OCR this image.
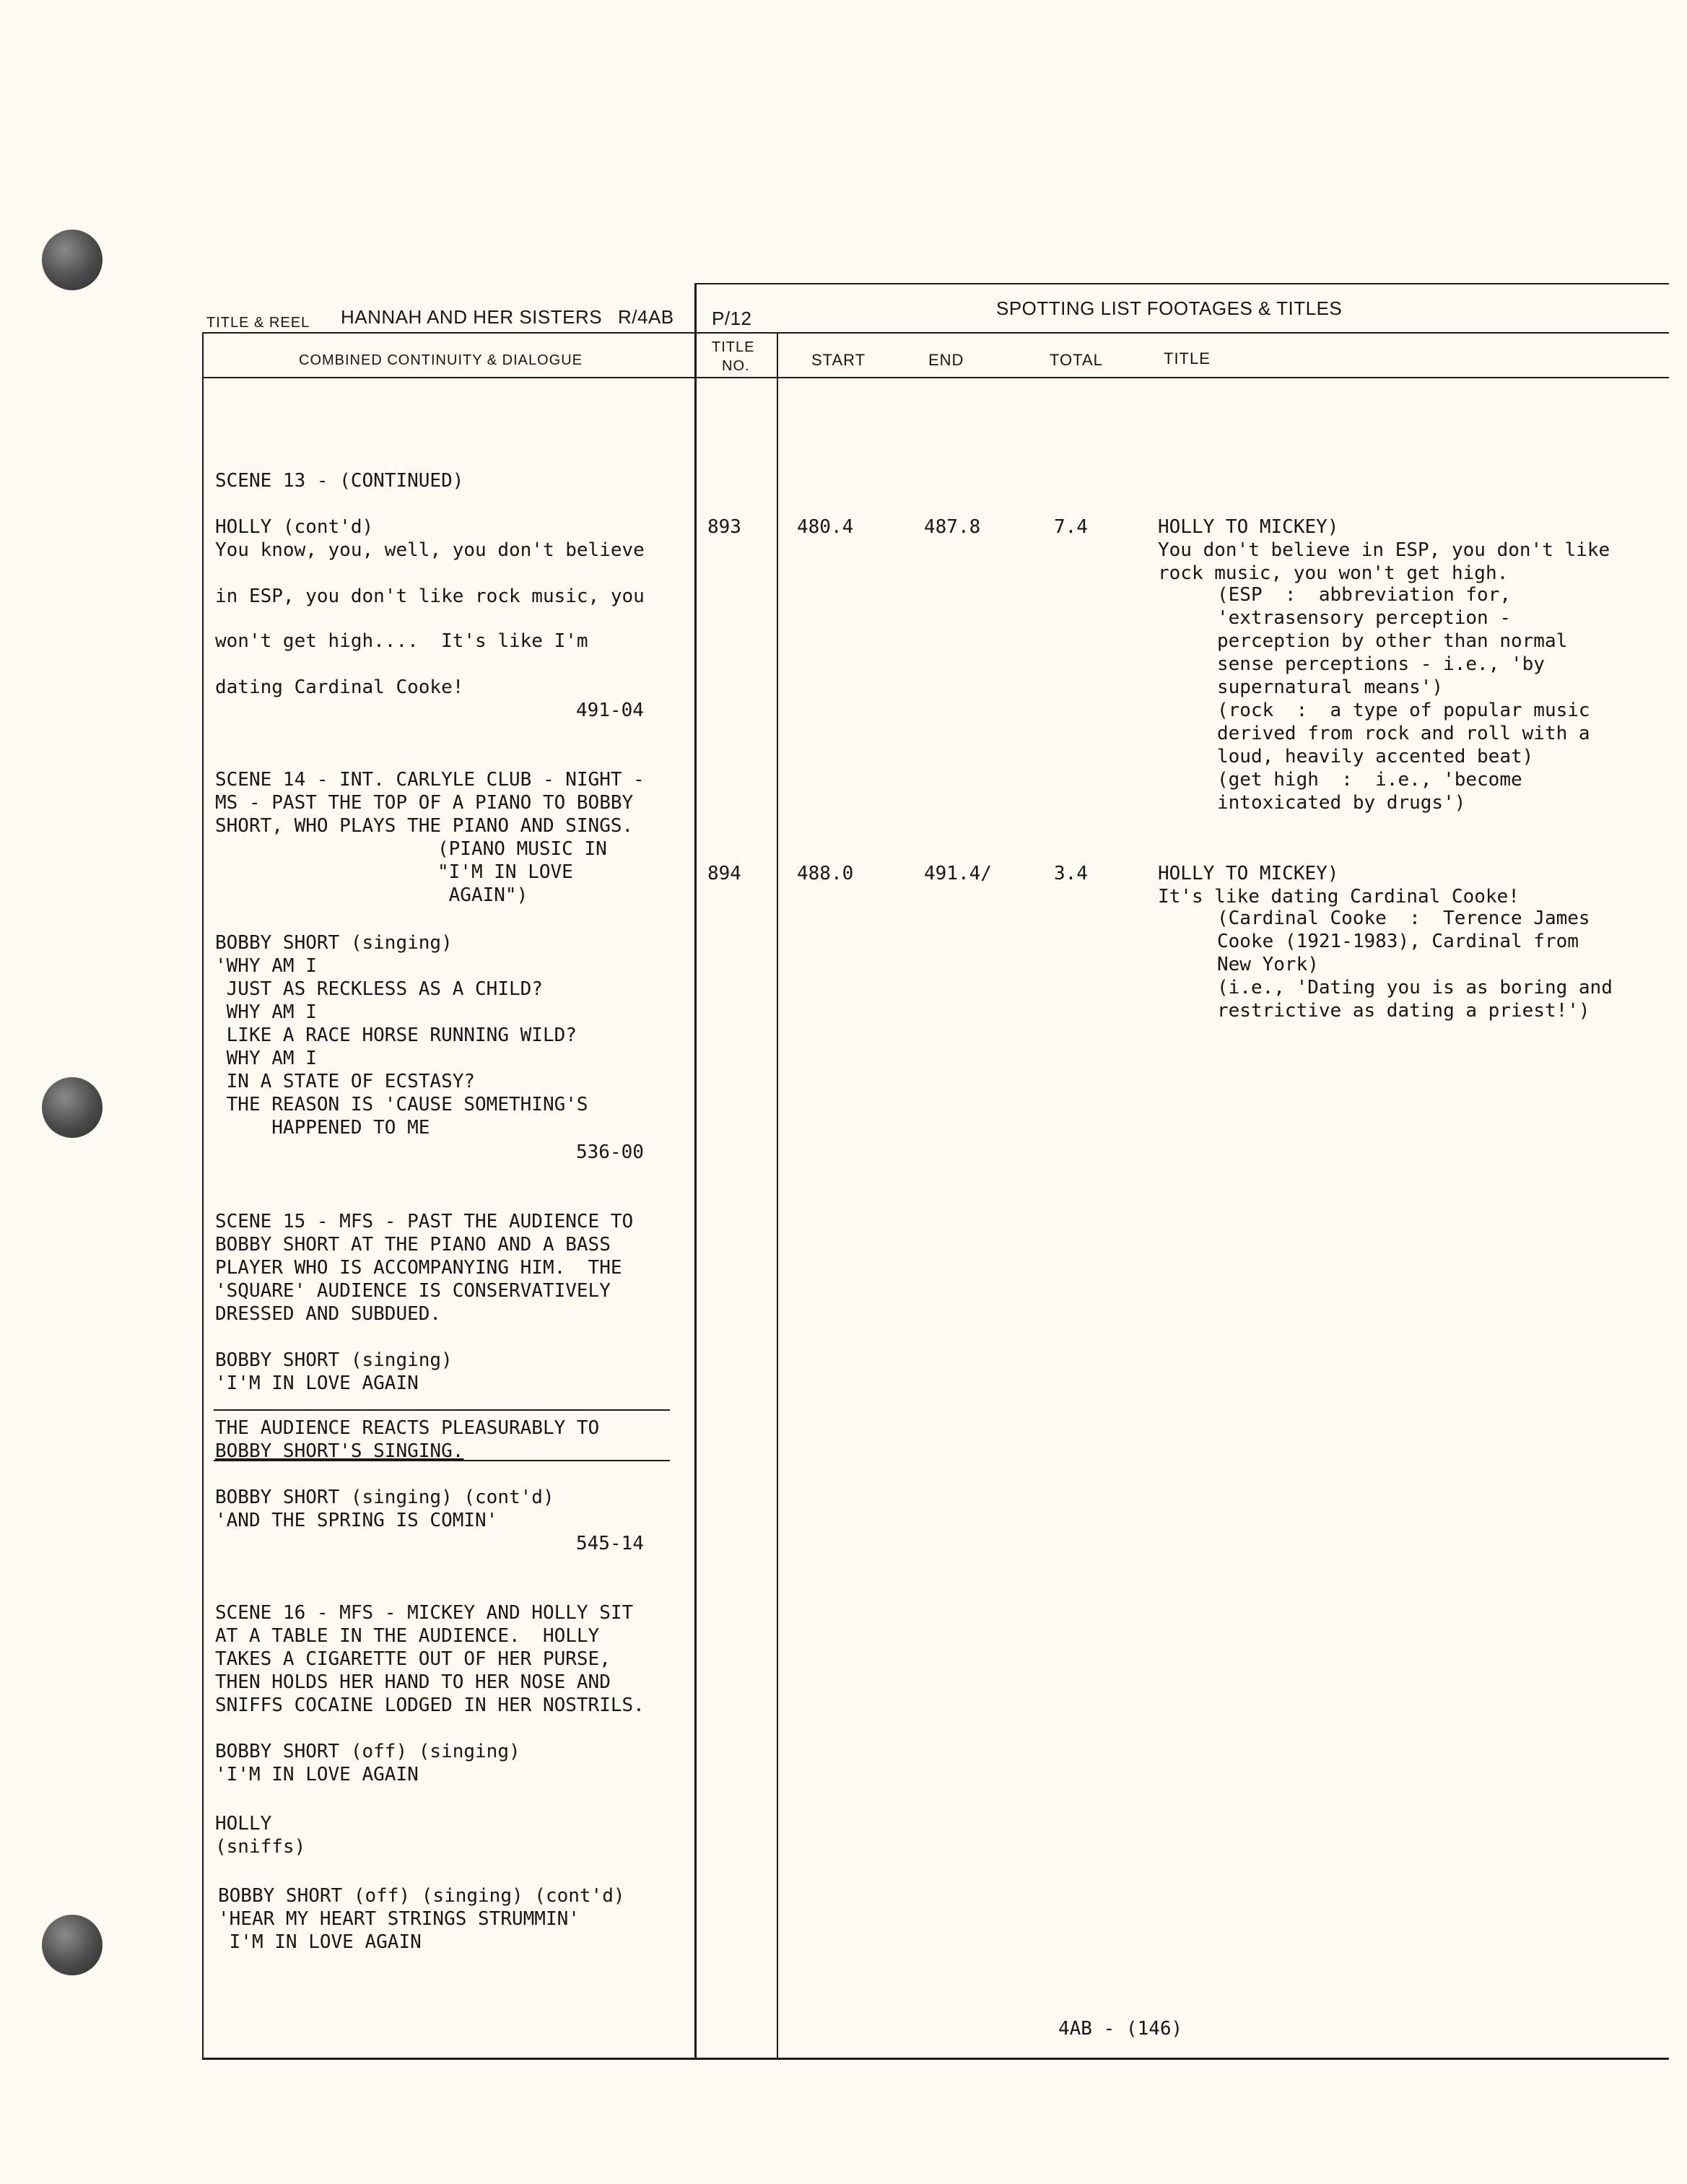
TITLE & REEL HANNAH AND HER SISTERS R/4AB P/12	SPOTTING LIST FOOTAGES & TITLES
COMBINED CONTINUITY & DIALOGUE
TITLE
NO.	START	END	TOTAL	TITLE
SCENE 13 - (CONTINUED)
HOLLY (cont'd)
You know, you, well, you don't believe
in ESP, you don't like rock music, you
won't get high....  It's like I'm
dating Cardinal Cooke!
491-04
SCENE 14 - INT. CARLYLE CLUB - NIGHT -
MS - PAST THE TOP OF A PIANO TO BOBBY
SHORT, WHO PLAYS THE PIANO AND SINGS.
(PIANO MUSIC IN
"I'M IN LOVE
AGAIN")
BOBBY SHORT (singing)
'WHY AM I
JUST AS RECKLESS AS A CHILD?
WHY AM I
LIKE A RACE HORSE RUNNING WILD?
WHY AM I
IN A STATE OF ECSTASY?
THE REASON IS 'CAUSE SOMETHING'S
HAPPENED TO ME
536-00
SCENE 15 - MFS - PAST THE AUDIENCE TO
BOBBY SHORT AT THE PIANO AND A BASS
PLAYER WHO IS ACCOMPANYING HIM.  THE
'SQUARE' AUDIENCE IS CONSERVATIVELY
DRESSED AND SUBDUED.
BOBBY SHORT (singing)
'I'M IN LOVE AGAIN
THE AUDIENCE REACTS PLEASURABLY TO
BOBBY SHORT'S SINGING.
BOBBY SHORT (singing) (cont'd)
'AND THE SPRING IS COMIN'
545-14
SCENE 16 - MFS - MICKEY AND HOLLY SIT
AT A TABLE IN THE AUDIENCE.  HOLLY
TAKES A CIGARETTE OUT OF HER PURSE,
THEN HOLDS HER HAND TO HER NOSE AND
SNIFFS COCAINE LODGED IN HER NOSTRILS.
BOBBY SHORT (off) (singing)
'I'M IN LOVE AGAIN
HOLLY
(sniffs)
BOBBY SHORT (off) (singing) (cont'd)
'HEAR MY HEART STRINGS STRUMMIN'
I'M IN LOVE AGAIN
893	480.4	487.8	7.4	HOLLY TO MICKEY)
You don't believe in ESP, you don't like
rock music, you won't get high.
(ESP  :  abbreviation for,
'extrasensory perception -
perception by other than normal
sense perceptions - i.e., 'by
supernatural means')
(rock  :  a type of popular music
derived from rock and roll with a
loud, heavily accented beat)
(get high  :  i.e., 'become
intoxicated by drugs')
894	488.0	491.4/	3.4	HOLLY TO MICKEY)
It's like dating Cardinal Cooke!
(Cardinal Cooke  :  Terence James
Cooke (1921-1983), Cardinal from
New York)
(i.e., 'Dating you is as boring and
restrictive as dating a priest!')
4AB - (146)
